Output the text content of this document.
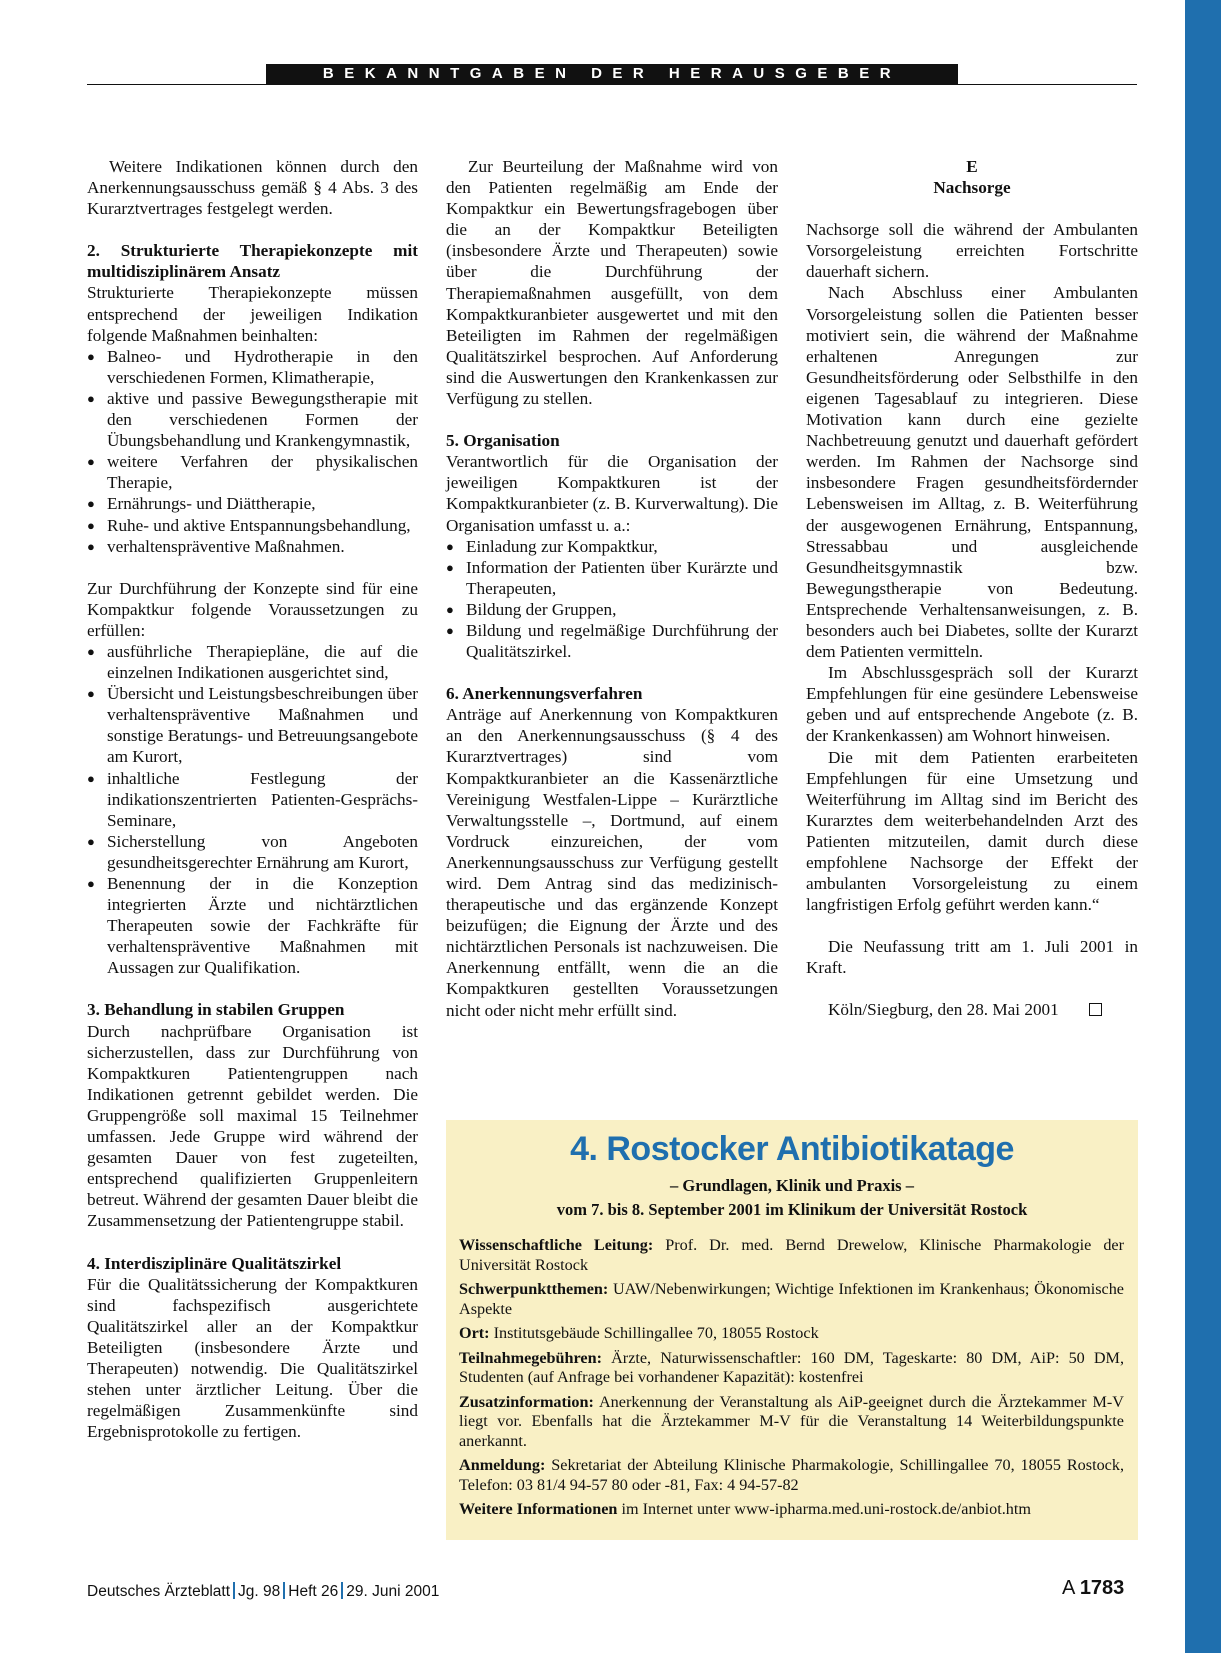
BEKANNTGABEN DER HERAUSGEBER

Weitere Indikationen können durch den Anerkennungsausschuss gemäß § 4 Abs. 3 des Kurarztvertrages festgelegt werden.

2. Strukturierte Therapiekonzepte mit multidisziplinärem Ansatz

Strukturierte Therapiekonzepte müssen entsprechend der jeweiligen Indikation folgende Maßnahmen beinhalten:

● Balneo- und Hydrotherapie in den verschiedenen Formen, Klimatherapie,
● aktive und passive Bewegungstherapie mit den verschiedenen Formen der Übungsbehandlung und Krankengymnastik,
● weitere Verfahren der physikalischen Therapie,
● Ernährungs- und Diättherapie,
● Ruhe- und aktive Entspannungsbehandlung,
● verhaltenspräventive Maßnahmen.

Zur Durchführung der Konzepte sind für eine Kompaktkur folgende Voraussetzungen zu erfüllen:

● ausführliche Therapiepläne, die auf die einzelnen Indikationen ausgerichtet sind,
● Übersicht und Leistungsbeschreibungen über verhaltenspräventive Maßnahmen und sonstige Beratungs- und Betreuungsangebote am Kurort,
● inhaltliche Festlegung der indikationszentrierten Patienten-Gesprächs-Seminare,
● Sicherstellung von Angeboten gesundheitsgerechter Ernährung am Kurort,
● Benennung der in die Konzeption integrierten Ärzte und nichtärztlichen Therapeuten sowie der Fachkräfte für verhaltenspräventive Maßnahmen mit Aussagen zur Qualifikation.

3. Behandlung in stabilen Gruppen

Durch nachprüfbare Organisation ist sicherzustellen, dass zur Durchführung von Kompaktkuren Patientengruppen nach Indikationen getrennt gebildet werden. Die Gruppengröße soll maximal 15 Teilnehmer umfassen. Jede Gruppe wird während der gesamten Dauer von fest zugeteilten, entsprechend qualifizierten Gruppenleitern betreut. Während der gesamten Dauer bleibt die Zusammensetzung der Patientengruppe stabil.

4. Interdisziplinäre Qualitätszirkel

Für die Qualitätssicherung der Kompaktkuren sind fachspezifisch ausgerichtete Qualitätszirkel aller an der Kompaktkur Beteiligten (insbesondere Ärzte und Therapeuten) notwendig. Die Qualitätszirkel stehen unter ärztlicher Leitung. Über die regelmäßigen Zusammenkünfte sind Ergebnisprotokolle zu fertigen.

Zur Beurteilung der Maßnahme wird von den Patienten regelmäßig am Ende der Kompaktkur ein Bewertungsfragebogen über die an der Kompaktkur Beteiligten (insbesondere Ärzte und Therapeuten) sowie über die Durchführung der Therapiemaßnahmen ausgefüllt, von dem Kompaktkuranbieter ausgewertet und mit den Beteiligten im Rahmen der regelmäßigen Qualitätszirkel besprochen. Auf Anforderung sind die Auswertungen den Krankenkassen zur Verfügung zu stellen.

5. Organisation

Verantwortlich für die Organisation der jeweiligen Kompaktkuren ist der Kompaktkuranbieter (z. B. Kurverwaltung). Die Organisation umfasst u. a.:

● Einladung zur Kompaktkur,
● Information der Patienten über Kurärzte und Therapeuten,
● Bildung der Gruppen,
● Bildung und regelmäßige Durchführung der Qualitätszirkel.

6. Anerkennungsverfahren

Anträge auf Anerkennung von Kompaktkuren an den Anerkennungsausschuss (§ 4 des Kurarztvertrages) sind vom Kompaktkuranbieter an die Kassenärztliche Vereinigung Westfalen-Lippe – Kurärztliche Verwaltungsstelle –, Dortmund, auf einem Vordruck einzureichen, der vom Anerkennungsausschuss zur Verfügung gestellt wird. Dem Antrag sind das medizinisch-therapeutische und das ergänzende Konzept beizufügen; die Eignung der Ärzte und des nichtärztlichen Personals ist nachzuweisen. Die Anerkennung entfällt, wenn die an die Kompaktkuren gestellten Voraussetzungen nicht oder nicht mehr erfüllt sind.

E

Nachsorge

Nachsorge soll die während der Ambulanten Vorsorgeleistung erreichten Fortschritte dauerhaft sichern.

Nach Abschluss einer Ambulanten Vorsorgeleistung sollen die Patienten besser motiviert sein, die während der Maßnahme erhaltenen Anregungen zur Gesundheitsförderung oder Selbsthilfe in den eigenen Tagesablauf zu integrieren. Diese Motivation kann durch eine gezielte Nachbetreuung genutzt und dauerhaft gefördert werden. Im Rahmen der Nachsorge sind insbesondere Fragen gesundheitsfördernder Lebensweisen im Alltag, z. B. Weiterführung der ausgewogenen Ernährung, Entspannung, Stressabbau und ausgleichende Gesundheitsgymnastik bzw. Bewegungstherapie von Bedeutung. Entsprechende Verhaltensanweisungen, z. B. besonders auch bei Diabetes, sollte der Kurarzt dem Patienten vermitteln.

Im Abschlussgespräch soll der Kurarzt Empfehlungen für eine gesündere Lebensweise geben und auf entsprechende Angebote (z. B. der Krankenkassen) am Wohnort hinweisen.

Die mit dem Patienten erarbeiteten Empfehlungen für eine Umsetzung und Weiterführung im Alltag sind im Bericht des Kurarztes dem weiterbehandelnden Arzt des Patienten mitzuteilen, damit durch diese empfohlene Nachsorge der Effekt der ambulanten Vorsorgeleistung zu einem langfristigen Erfolg geführt werden kann.“

Die Neufassung tritt am 1. Juli 2001 in Kraft.

Köln/Siegburg, den 28. Mai 2001

4. Rostocker Antibiotikatage
– Grundlagen, Klinik und Praxis –
vom 7. bis 8. September 2001 im Klinikum der Universität Rostock

Wissenschaftliche Leitung: Prof. Dr. med. Bernd Drewelow, Klinische Pharmakologie der Universität Rostock

Schwerpunktthemen: UAW/Nebenwirkungen; Wichtige Infektionen im Krankenhaus; Ökonomische Aspekte

Ort: Institutsgebäude Schillingallee 70, 18055 Rostock

Teilnahmegebühren: Ärzte, Naturwissenschaftler: 160 DM, Tageskarte: 80 DM, AiP: 50 DM, Studenten (auf Anfrage bei vorhandener Kapazität): kostenfrei

Zusatzinformation: Anerkennung der Veranstaltung als AiP-geeignet durch die Ärztekammer M-V liegt vor. Ebenfalls hat die Ärztekammer M-V für die Veranstaltung 14 Weiterbildungspunkte anerkannt.

Anmeldung: Sekretariat der Abteilung Klinische Pharmakologie, Schillingallee 70, 18055 Rostock, Telefon: 03 81/4 94-57 80 oder -81, Fax: 4 94-57-82

Weitere Informationen im Internet unter www-ipharma.med.uni-rostock.de/anbiot.htm

Deutsches Ärzteblatt Jg. 98 Heft 26 29. Juni 2001	A 1783
